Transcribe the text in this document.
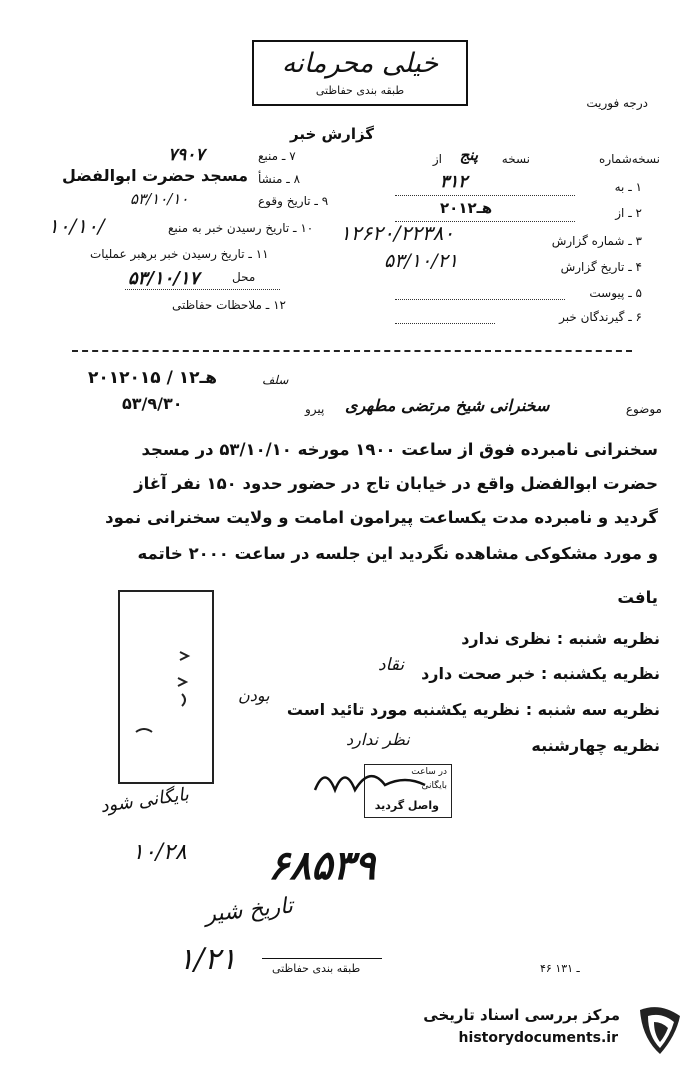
خیلی محرمانه
طبقه بندی حفاظتی
درجه فوریت
گزارش خبر
۷ ـ منبع
۷۹۰۷
۸ ـ منشأ
مسجد حضرت ابوالفضل
۹ ـ تاریخ وقوع
۵۳/۱۰/۱۰
۱۰ ـ تاریخ رسیدن خبر به منبع
۱۰/۱۰/
۱۱ ـ تاریخ رسیدن خبر برهبر عملیات
محل
۵۳/۱۰/۱۷
۱۲ ـ ملاحظات حفاظتی
نسخه‌شماره
از پنج نسخه
۱ ـ به
۳۱۲
۲ ـ از
۲۰هـ۱۲
۳ ـ شماره گزارش
۱۲۶۲۰/۲۲۳۸۰
۴ ـ تاریخ گزارش
۵۳/۱۰/۲۱
۵ ـ پیوست
۶ ـ گیرندگان خبر
موضوع
سخنرانی شیخ مرتضی مطهری
پیرو
سلف
۲۰هـ۱۲ / ۱۲۰۱۵
۵۳/۹/۳۰
سخنرانی نامبرده فوق از ساعت ۱۹۰۰ مورخه ۵۳/۱۰/۱۰ در مسجد
حضرت ابوالفضل واقع در خیابان تاج در حضور حدود ۱۵۰ نفر آغاز
گردید و نامبرده مدت یکساعت پیرامون امامت و ولایت سخنرانی نمود
و مورد مشکوکی مشاهده نگردید این جلسه در ساعت ۲۰۰۰ خاتمه
یافت
نظریه شنبه : نظری ندارد
نظریه یکشنبه : خبر صحت دارد
نقاد
نظریه سه شنبه : نظریه یکشنبه مورد تائید است
بودن
نظریه چهارشنبه
نظر ندارد
در ساعت
بایگانی
واصل گردید
بایگانی شود
۱۰/۲۸ ۶۸۵۳۹
تاریخ شیر
۱/۲۱	طبقه بندی حفاظتی	۴۶ ـ ۱۳۱
مرکز بررسی اسناد تاریخی
historydocuments.ir
